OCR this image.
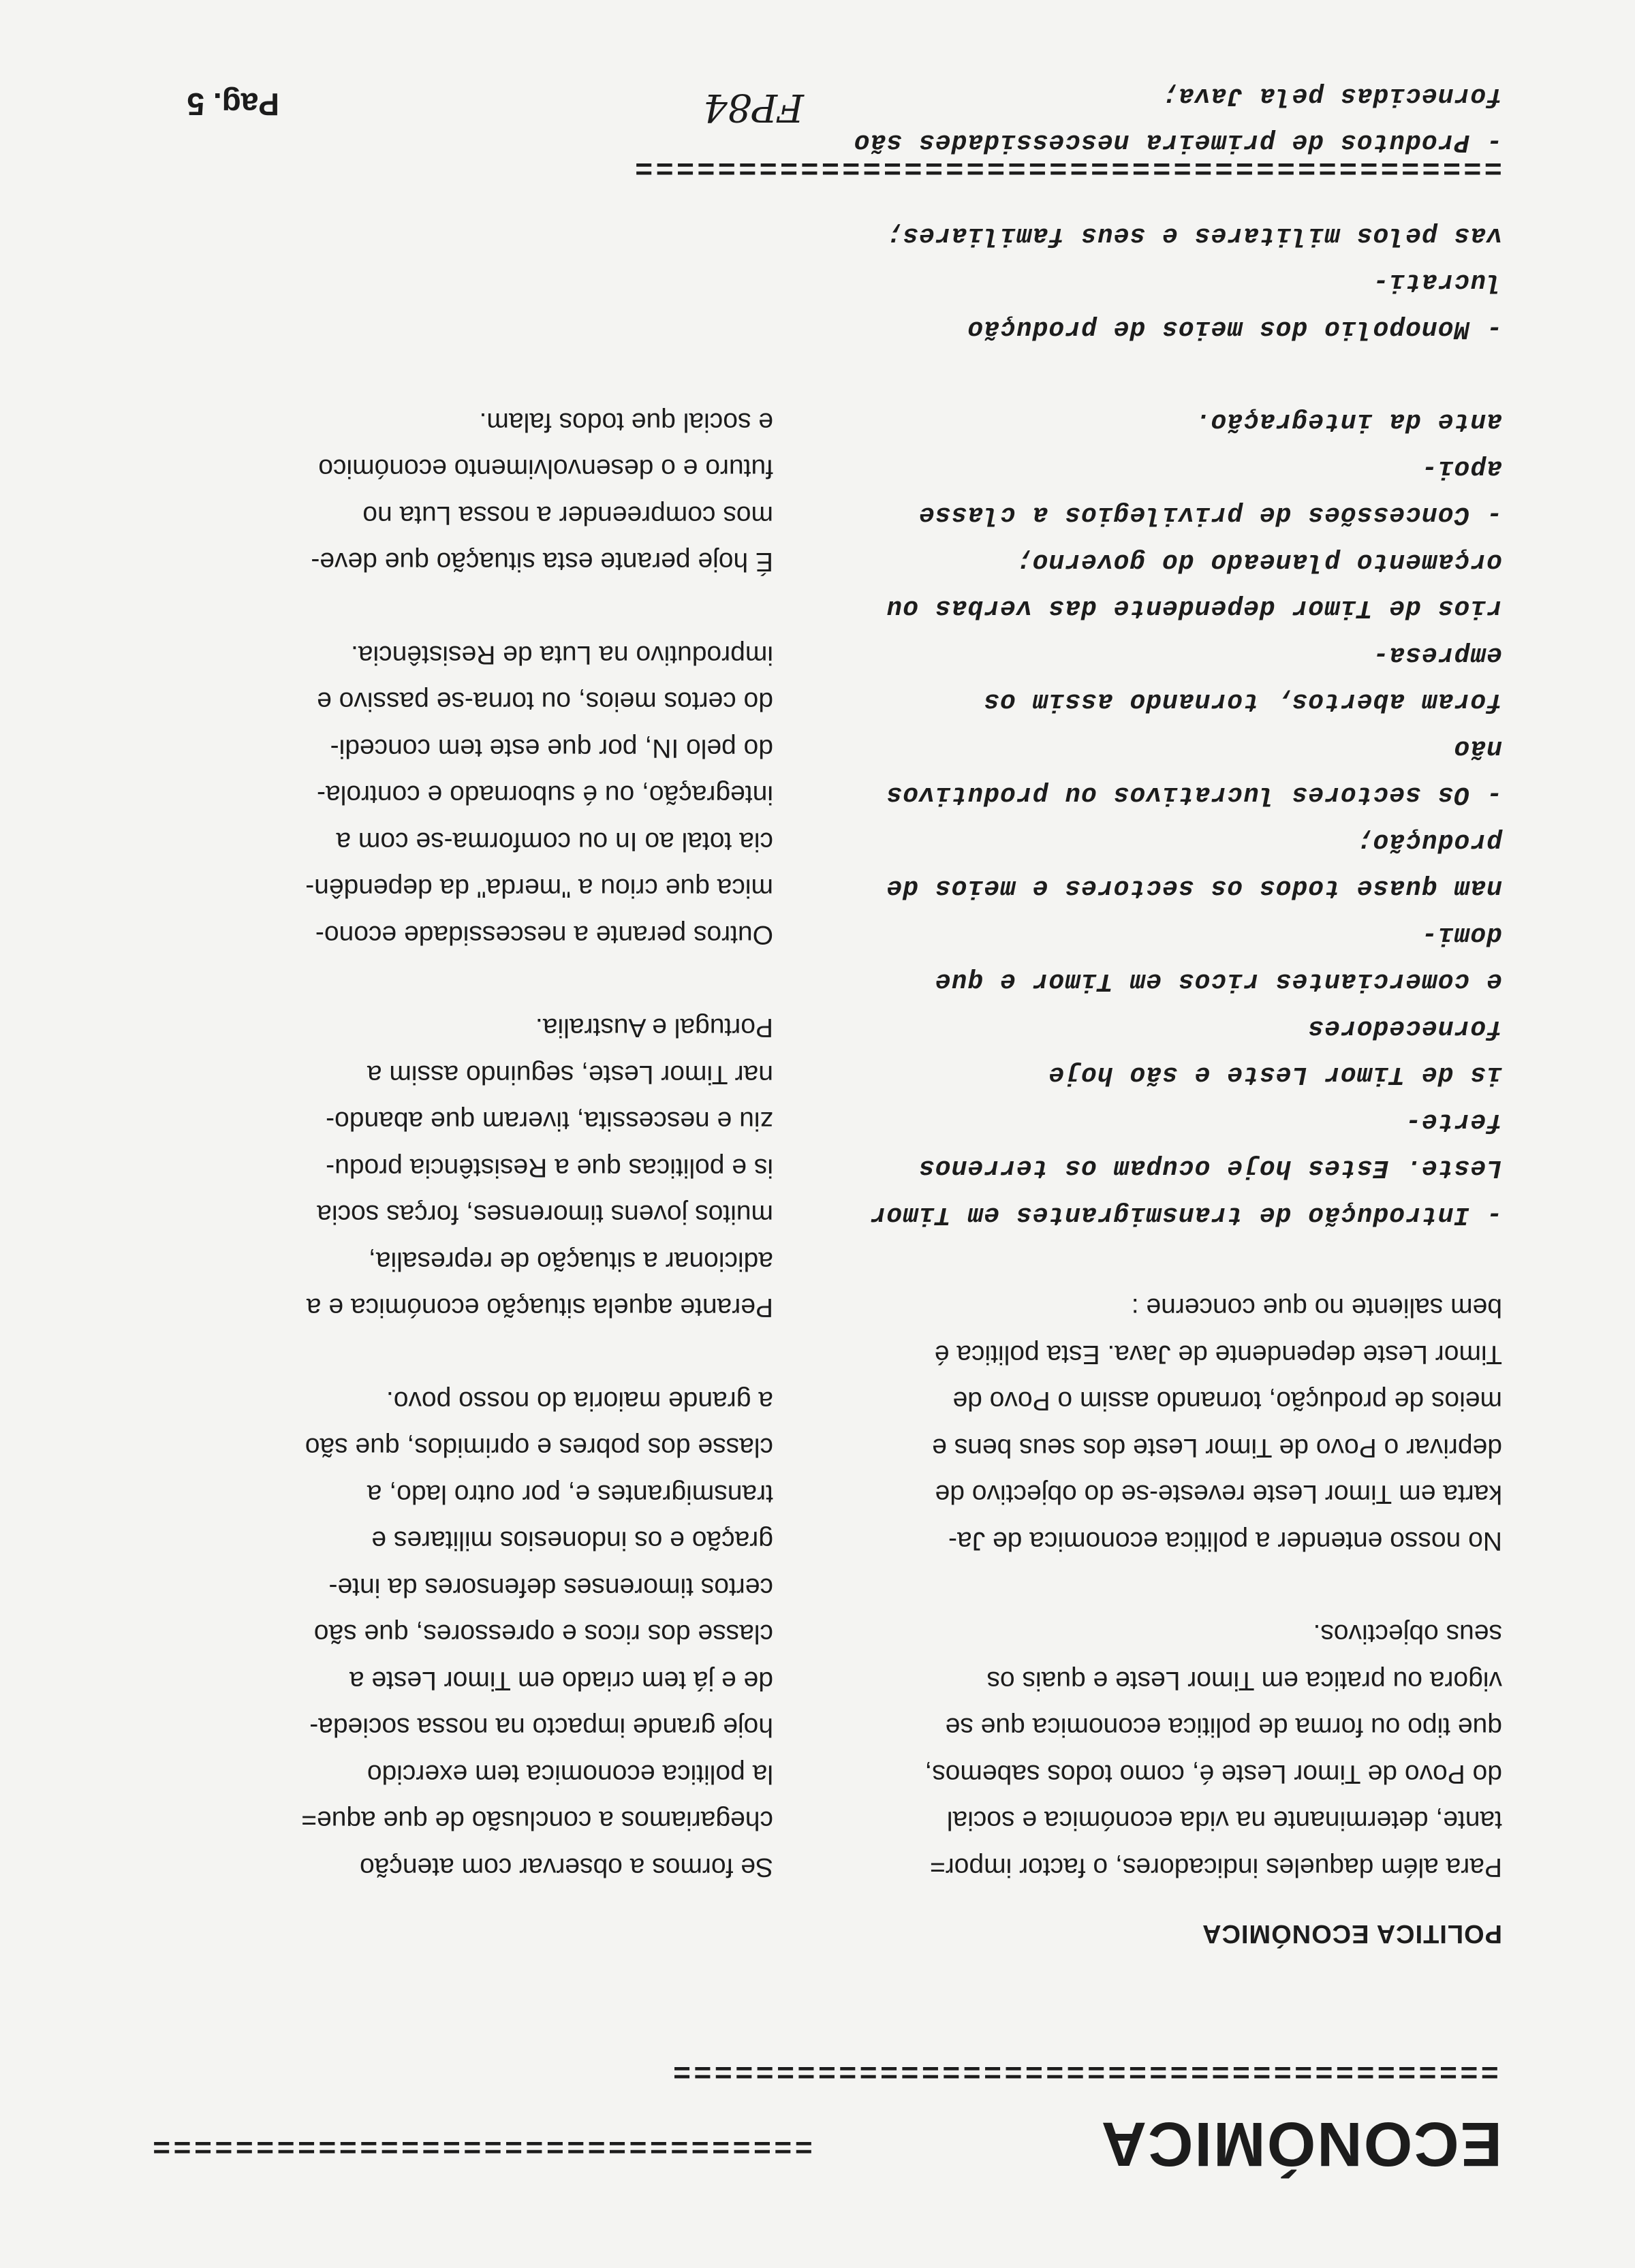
================================	ECONÓMICA
========================================
POLITICA ECONÓMICA

Para além daqueles indicadores, o factor impor=

tante, determinante na vida económica e social

do Povo de Timor Leste é, como todos sabemos,

que tipo ou forma de politica economica que se

vigora ou pratica em Timor Leste e quais os

seus objectivos.

No nosso entender a politica economica de Ja-

karta em Timor Leste reveste-se do objectivo de

deprivar o Povo de Timor Leste dos seus bens e

meios de produção, tornando assim o Povo de

Timor Leste dependente de Java. Esta politica é

bem saliente no que concerne :

- Introdução de transmigrantes em Timor

Leste. Estes hoje ocupam os terrenos ferte-

is de Timor Leste e são hoje fornecedores

e comerciantes ricos em Timor e que domi-

nam quase todos os sectores e meios de

produção;

- Os sectores lucrativos ou produtivos não

foram abertos, tornando assim os empresa-

rios de Timor dependente das verbas ou

orçamento planeado do governo;

- Concessões de privilegios a classe apoi-

ante da integração.

- Monopolio dos meios de produção lucrati-

vas pelos militares e seus familiares;

- Produtos de primeira nescessidades são

fornecidas pela Java;

Se formos a observar com atenção

chegariamos a conclusão de que aque=

la politica economica tem exercido

hoje grande impacto na nossa socieda-

de e já tem criado em Timor Leste a

classe dos ricos e opressores, que são

certos timorenses defensores da inte-

gração e os indonesios militares e

transmigrantes e, por outro lado, a

classe dos pobres e oprimidos, que são

a grande maioria do nosso povo.

Perante aquela situação económica e a

adicionar a situação de represalia,

muitos jovens timorenses, forças socia

is e politicas que a Resistência produ-

ziu e nescessita, tiveram que abando-

nar Timor Leste, seguindo assim a

Portugal e Australia.

Outros perante a nescessidade econo-

mica que criou a "merda" da dependên-

cia total ao In ou comforma-se com a

integração, ou é subornado e controla-

do pelo IN, por que este tem concedi-

do certos meios, ou torna-se passivo e

improdutivo na Luta de Resistência.

É hoje perante esta situação que deve-

mos compreender a nossa Luta no

futuro e o desenvolvimento económico

e social que todos falam.

==========================================
FP84
Pag. 5
